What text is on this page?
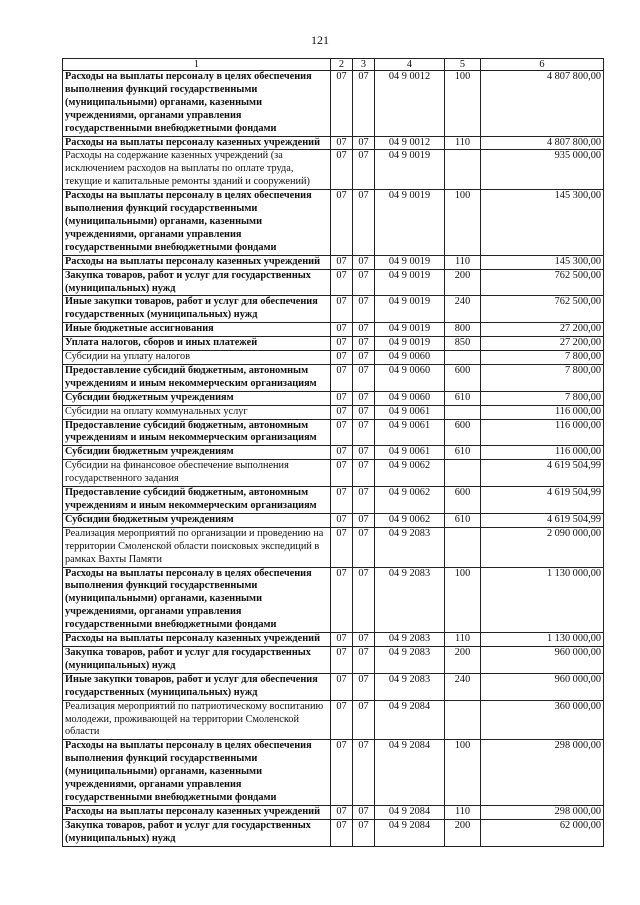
121
1	2	3	4	5	6
Расходы на выплаты персоналу в целях обеспечения выполнения функций государственными (муниципальными) органами, казенными учреждениями, органами управления государственными внебюджетными фондами	07	07	04 9 0012	100	4 807 800,00
Расходы на выплаты персоналу казенных учреждений	07	07	04 9 0012	110	4 807 800,00
Расходы на содержание казенных учреждений (за исключением расходов на выплаты по оплате труда, текущие и капитальные ремонты зданий и сооружений)	07	07	04 9 0019		935 000,00
Расходы на выплаты персоналу в целях обеспечения выполнения функций государственными (муниципальными) органами, казенными учреждениями, органами управления государственными внебюджетными фондами	07	07	04 9 0019	100	145 300,00
Расходы на выплаты персоналу казенных учреждений	07	07	04 9 0019	110	145 300,00
Закупка товаров, работ и услуг для государственных (муниципальных) нужд	07	07	04 9 0019	200	762 500,00
Иные закупки товаров, работ и услуг для обеспечения государственных (муниципальных) нужд	07	07	04 9 0019	240	762 500,00
Иные бюджетные ассигнования	07	07	04 9 0019	800	27 200,00
Уплата налогов, сборов и иных платежей	07	07	04 9 0019	850	27 200,00
Субсидии на уплату налогов	07	07	04 9 0060		7 800,00
Предоставление субсидий бюджетным, автономным учреждениям и иным некоммерческим организациям	07	07	04 9 0060	600	7 800,00
Субсидии бюджетным учреждениям	07	07	04 9 0060	610	7 800,00
Субсидии на оплату коммунальных услуг	07	07	04 9 0061		116 000,00
Предоставление субсидий бюджетным, автономным учреждениям и иным некоммерческим организациям	07	07	04 9 0061	600	116 000,00
Субсидии бюджетным учреждениям	07	07	04 9 0061	610	116 000,00
Субсидии на финансовое обеспечение выполнения государственного задания	07	07	04 9 0062		4 619 504,99
Предоставление субсидий бюджетным, автономным учреждениям и иным некоммерческим организациям	07	07	04 9 0062	600	4 619 504,99
Субсидии бюджетным учреждениям	07	07	04 9 0062	610	4 619 504,99
Реализация мероприятий по организации и проведению на территории Смоленской области поисковых экспедиций в рамках Вахты Памяти	07	07	04 9 2083		2 090 000,00
Расходы на выплаты персоналу в целях обеспечения выполнения функций государственными (муниципальными) органами, казенными учреждениями, органами управления государственными внебюджетными фондами	07	07	04 9 2083	100	1 130 000,00
Расходы на выплаты персоналу казенных учреждений	07	07	04 9 2083	110	1 130 000,00
Закупка товаров, работ и услуг для государственных (муниципальных) нужд	07	07	04 9 2083	200	960 000,00
Иные закупки товаров, работ и услуг для обеспечения государственных (муниципальных) нужд	07	07	04 9 2083	240	960 000,00
Реализация мероприятий по патриотическому воспитанию молодежи, проживающей на территории Смоленской области	07	07	04 9 2084		360 000,00
Расходы на выплаты персоналу в целях обеспечения выполнения функций государственными (муниципальными) органами, казенными учреждениями, органами управления государственными внебюджетными фондами	07	07	04 9 2084	100	298 000,00
Расходы на выплаты персоналу казенных учреждений	07	07	04 9 2084	110	298 000,00
Закупка товаров, работ и услуг для государственных (муниципальных) нужд	07	07	04 9 2084	200	62 000,00
